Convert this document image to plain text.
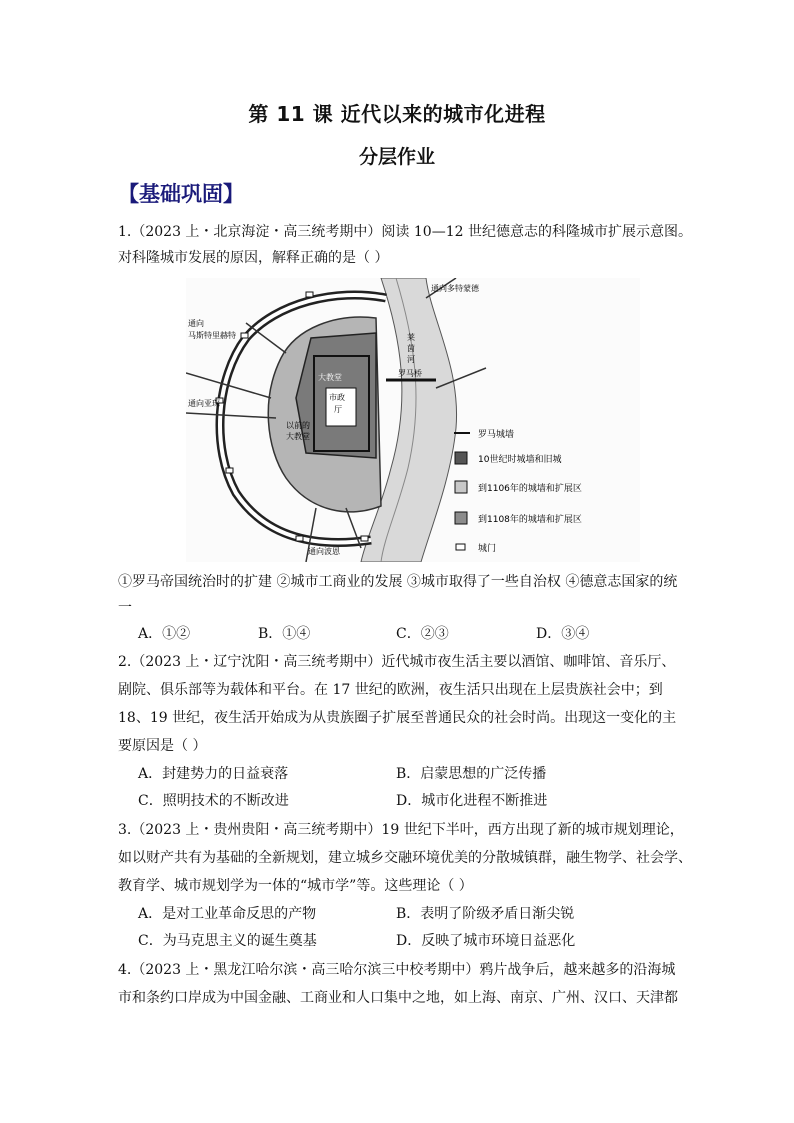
第 11 课 近代以来的城市化进程
分层作业
【基础巩固】
1.（2023 上・北京海淀・高三统考期中）阅读 10—12 世纪德意志的科隆城市扩展示意图。
对科隆城市发展的原因，解释正确的是（ ）
通向多特蒙德
通向
马斯特里赫特
通向亚琛
通向波恩
大教堂
市政
厅
以前的
大教堂
莱
茵
河
罗马桥
罗马城墙
10世纪时城墙和旧城
到1106年的城墙和扩展区
到1108年的城墙和扩展区
城门
①罗马帝国统治时的扩建 ②城市工商业的发展 ③城市取得了一些自治权 ④德意志国家的统
一
A．①②	B．①④	C．②③	D．③④
2.（2023 上・辽宁沈阳・高三统考期中）近代城市夜生活主要以酒馆、咖啡馆、音乐厅、
剧院、俱乐部等为载体和平台。在 17 世纪的欧洲，夜生活只出现在上层贵族社会中；到
18、19 世纪，夜生活开始成为从贵族圈子扩展至普通民众的社会时尚。出现这一变化的主
要原因是（ ）
A．封建势力的日益衰落	B．启蒙思想的广泛传播
C．照明技术的不断改进	D．城市化进程不断推进
3.（2023 上・贵州贵阳・高三统考期中）19 世纪下半叶，西方出现了新的城市规划理论，
如以财产共有为基础的全新规划，建立城乡交融环境优美的分散城镇群，融生物学、社会学、
教育学、城市规划学为一体的“城市学”等。这些理论（ ）
A．是对工业革命反思的产物	B．表明了阶级矛盾日渐尖锐
C．为马克思主义的诞生奠基	D．反映了城市环境日益恶化
4.（2023 上・黑龙江哈尔滨・高三哈尔滨三中校考期中）鸦片战争后，越来越多的沿海城
市和条约口岸成为中国金融、工商业和人口集中之地，如上海、南京、广州、汉口、天津都
